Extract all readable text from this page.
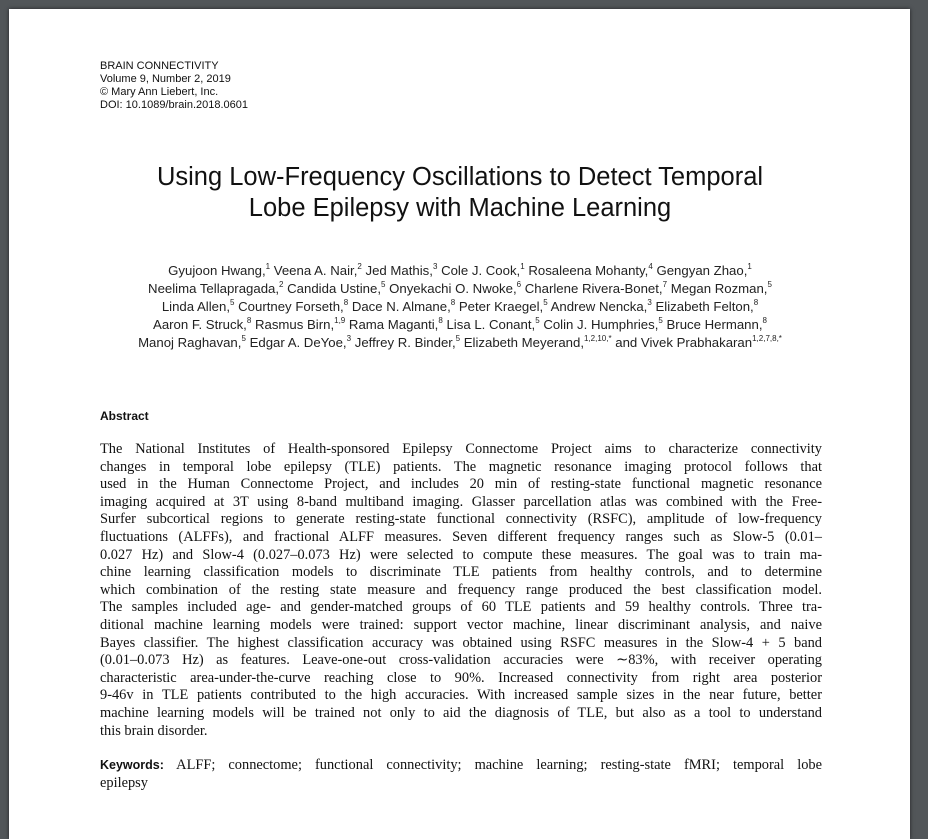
BRAIN CONNECTIVITY
Volume 9, Number 2, 2019
© Mary Ann Liebert, Inc.
DOI: 10.1089/brain.2018.0601
Using Low-Frequency Oscillations to Detect Temporal
Lobe Epilepsy with Machine Learning
Gyujoon Hwang,$^1$ Veena A. Nair,$^2$ Jed Mathis,$^3$ Cole J. Cook,$^1$ Rosaleena Mohanty,$^4$ Gengyan Zhao,$^1$
Neelima Tellapragada,$^2$ Candida Ustine,$^5$ Onyekachi O. Nwoke,$^6$ Charlene Rivera-Bonet,$^7$ Megan Rozman,$^5$
Linda Allen,$^5$ Courtney Forseth,$^8$ Dace N. Almane,$^8$ Peter Kraegel,$^5$ Andrew Nencka,$^3$ Elizabeth Felton,$^8$
Aaron F. Struck,$^8$ Rasmus Birn,$^{1,9}$ Rama Maganti,$^8$ Lisa L. Conant,$^5$ Colin J. Humphries,$^5$ Bruce Hermann,$^8$
Manoj Raghavan,$^5$ Edgar A. DeYoe,$^3$ Jeffrey R. Binder,$^5$ Elizabeth Meyerand,$^{1,2,10,*}$ and Vivek Prabhakaran$^{1,2,7,8,*}$
Abstract
The National Institutes of Health-sponsored Epilepsy Connectome Project aims to characterize connectivity
changes in temporal lobe epilepsy (TLE) patients. The magnetic resonance imaging protocol follows that
used in the Human Connectome Project, and includes 20 min of resting-state functional magnetic resonance
imaging acquired at 3T using 8-band multiband imaging. Glasser parcellation atlas was combined with the Free-
Surfer subcortical regions to generate resting-state functional connectivity (RSFC), amplitude of low-frequency
fluctuations (ALFFs), and fractional ALFF measures. Seven different frequency ranges such as Slow-5 (0.01–
0.027 Hz) and Slow-4 (0.027–0.073 Hz) were selected to compute these measures. The goal was to train ma-
chine learning classification models to discriminate TLE patients from healthy controls, and to determine
which combination of the resting state measure and frequency range produced the best classification model.
The samples included age- and gender-matched groups of 60 TLE patients and 59 healthy controls. Three tra-
ditional machine learning models were trained: support vector machine, linear discriminant analysis, and naive
Bayes classifier. The highest classification accuracy was obtained using RSFC measures in the Slow-4 + 5 band
(0.01–0.073 Hz) as features. Leave-one-out cross-validation accuracies were ∼83%, with receiver operating
characteristic area-under-the-curve reaching close to 90%. Increased connectivity from right area posterior
9-46v in TLE patients contributed to the high accuracies. With increased sample sizes in the near future, better
machine learning models will be trained not only to aid the diagnosis of TLE, but also as a tool to understand
this brain disorder.
Keywords: ALFF; connectome; functional connectivity; machine learning; resting-state fMRI; temporal lobe
epilepsy
